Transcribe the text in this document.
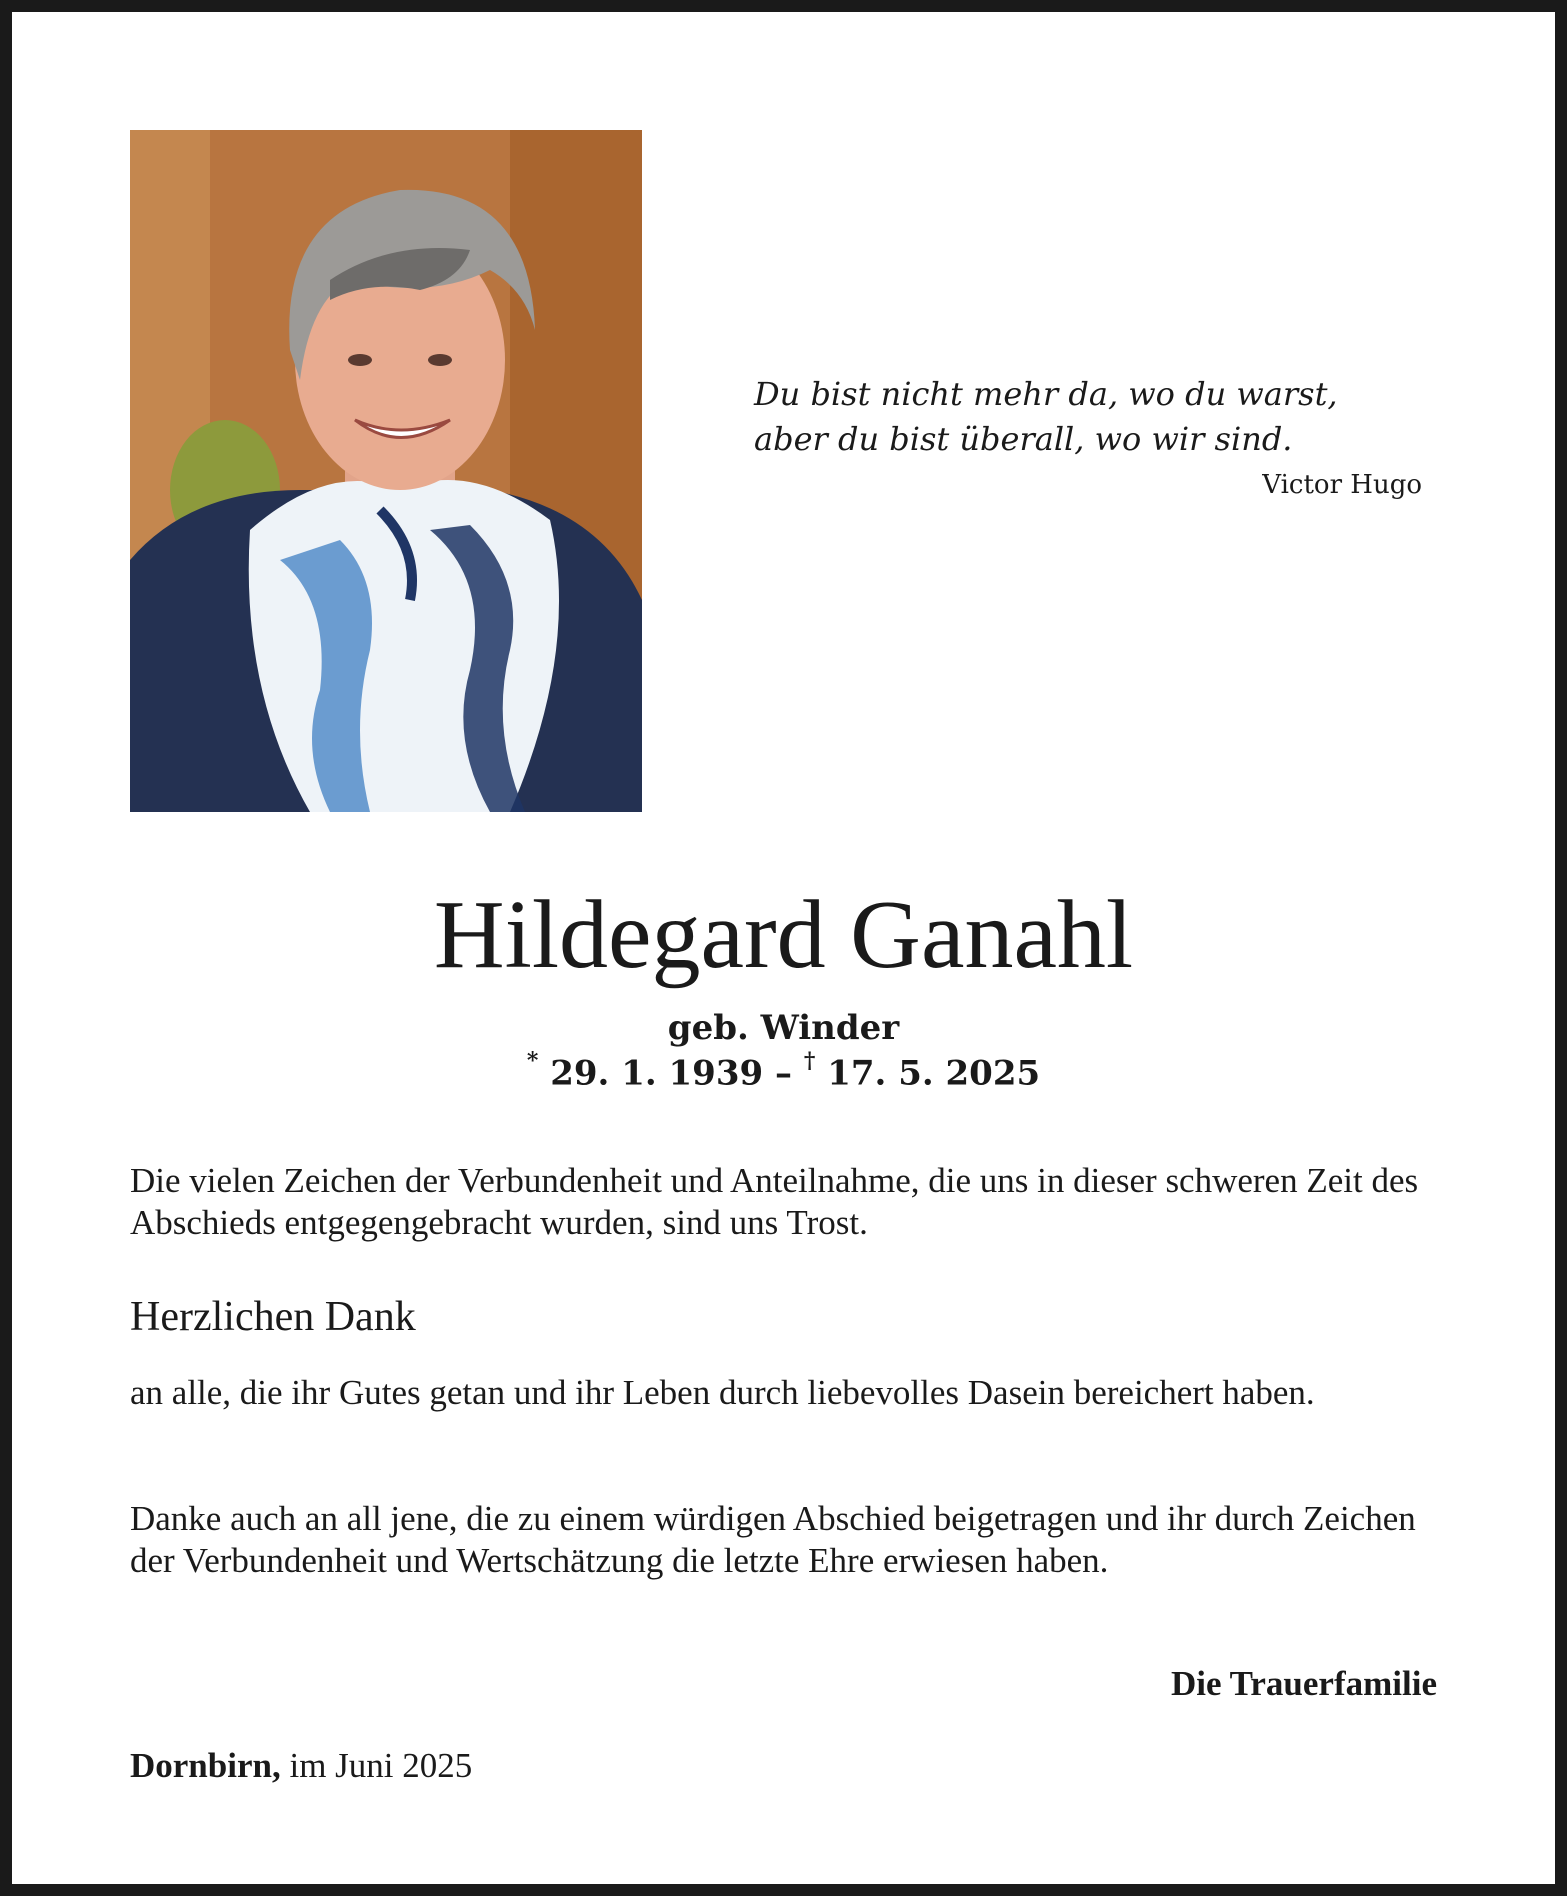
Du bist nicht mehr da, wo du warst,
aber du bist überall, wo wir sind.
Victor Hugo
Hildegard Ganahl
geb. Winder
* 29. 1. 1939 – † 17. 5. 2025
Die vielen Zeichen der Verbundenheit und Anteilnahme, die uns in dieser schweren Zeit des Abschieds entgegengebracht wurden, sind uns Trost.
Herzlichen Dank
an alle, die ihr Gutes getan und ihr Leben durch liebevolles Dasein bereichert haben.
Danke auch an all jene, die zu einem würdigen Abschied beigetragen und ihr durch Zeichen der Verbundenheit und Wertschätzung die letzte Ehre erwiesen haben.
Die Trauerfamilie
Dornbirn, im Juni 2025
